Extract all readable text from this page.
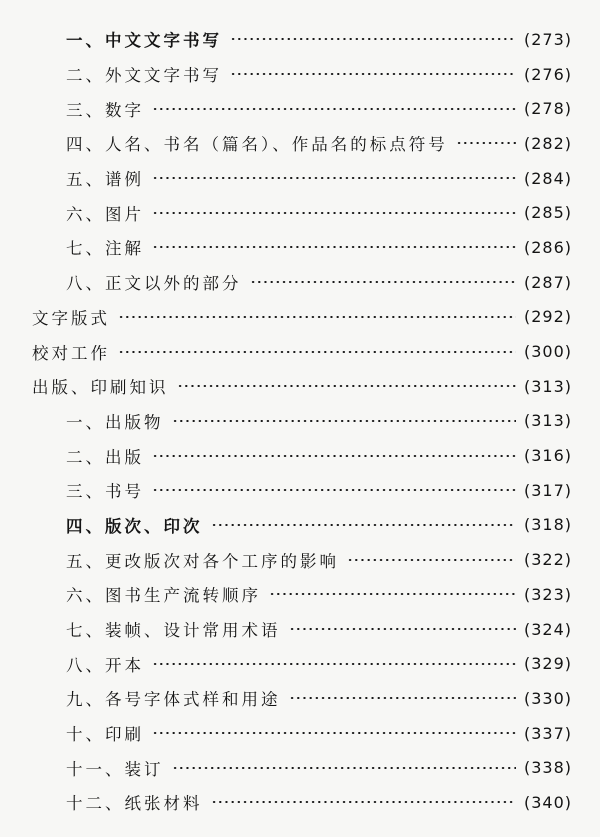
一、中文文字书写	(273)
二、外文文字书写	(276)
三、数字	(278)
四、人名、书名（篇名）、作品名的标点符号	(282)
五、谱例	(284)
六、图片	(285)
七、注解	(286)
八、正文以外的部分	(287)
文字版式	(292)
校对工作	(300)
出版、印刷知识	(313)
一、出版物	(313)
二、出版	(316)
三、书号	(317)
四、版次、印次	(318)
五、更改版次对各个工序的影响	(322)
六、图书生产流转顺序	(323)
七、装帧、设计常用术语	(324)
八、开本	(329)
九、各号字体式样和用途	(330)
十、印刷	(337)
十一、装订	(338)
十二、纸张材料	(340)
